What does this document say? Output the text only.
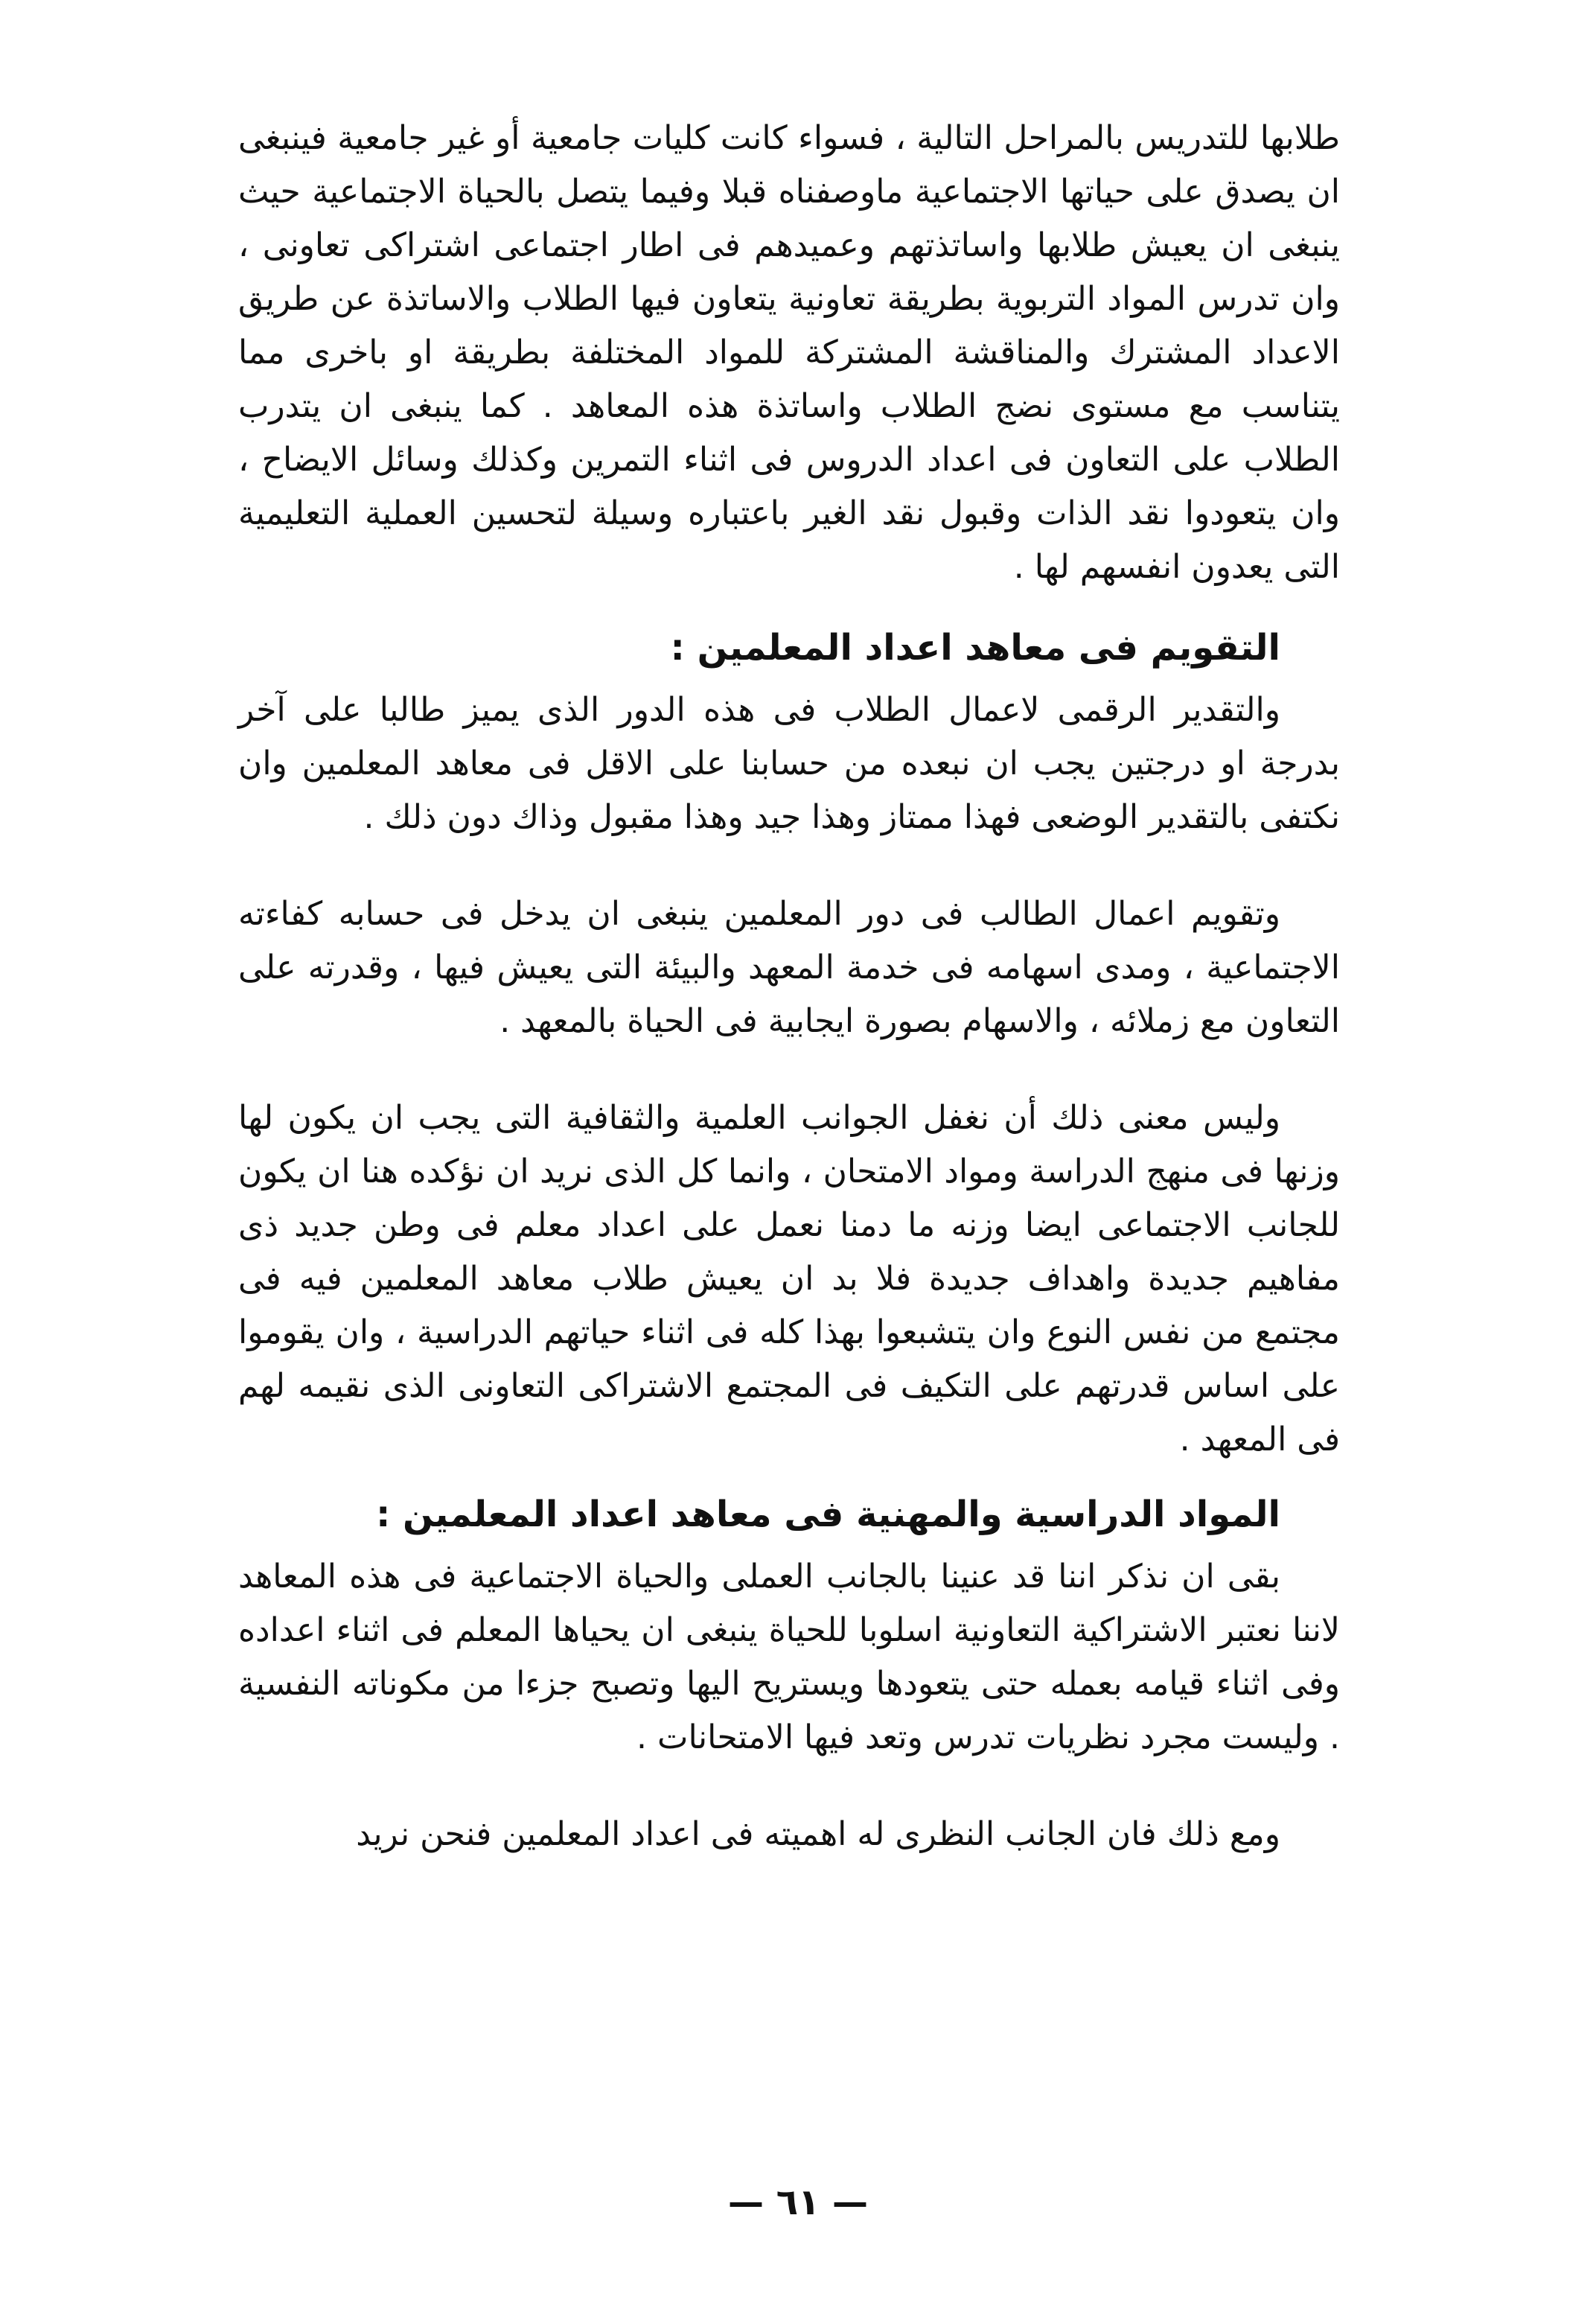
طلابها للتدريس بالمراحل التالية ، فسواء كانت كليات جامعية أو غير جامعية فينبغى ان يصدق على حياتها الاجتماعية ماوصفناه قبلا وفيما يتصل بالحياة الاجتماعية حيث ينبغى ان يعيش طلابها واساتذتهم وعميدهم فى اطار اجتماعى اشتراكى تعاونى ، وان تدرس المواد التربوية بطريقة تعاونية يتعاون فيها الطلاب والاساتذة عن طريق الاعداد المشترك والمناقشة المشتركة للمواد المختلفة بطريقة او باخرى مما يتناسب مع مستوى نضج الطلاب واساتذة هذه المعاهد . كما ينبغى ان يتدرب الطلاب على التعاون فى اعداد الدروس فى اثناء التمرين وكذلك وسائل الايضاح ، وان يتعودوا نقد الذات وقبول نقد الغير باعتباره وسيلة لتحسين العملية التعليمية التى يعدون انفسهم لها .

التقويم فى معاهد اعداد المعلمين :

والتقدير الرقمى لاعمال الطلاب فى هذه الدور الذى يميز طالبا على آخر بدرجة او درجتين يجب ان نبعده من حسابنا على الاقل فى معاهد المعلمين وان نكتفى بالتقدير الوضعى فهذا ممتاز وهذا جيد وهذا مقبول وذاك دون ذلك .

وتقويم اعمال الطالب فى دور المعلمين ينبغى ان يدخل فى حسابه كفاءته الاجتماعية ، ومدى اسهامه فى خدمة المعهد والبيئة التى يعيش فيها ، وقدرته على التعاون مع زملائه ، والاسهام بصورة ايجابية فى الحياة بالمعهد .

وليس معنى ذلك أن نغفل الجوانب العلمية والثقافية التى يجب ان يكون لها وزنها فى منهج الدراسة ومواد الامتحان ، وانما كل الذى نريد ان نؤكده هنا ان يكون للجانب الاجتماعى ايضا وزنه ما دمنا نعمل على اعداد معلم فى وطن جديد ذى مفاهيم جديدة واهداف جديدة فلا بد ان يعيش طلاب معاهد المعلمين فيه فى مجتمع من نفس النوع وان يتشبعوا بهذا كله فى اثناء حياتهم الدراسية ، وان يقوموا على اساس قدرتهم على التكيف فى المجتمع الاشتراكى التعاونى الذى نقيمه لهم فى المعهد .

المواد الدراسية والمهنية فى معاهد اعداد المعلمين :

بقى ان نذكر اننا قد عنينا بالجانب العملى والحياة الاجتماعية فى هذه المعاهد لاننا نعتبر الاشتراكية التعاونية اسلوبا للحياة ينبغى ان يحياها المعلم فى اثناء اعداده وفى اثناء قيامه بعمله حتى يتعودها ويستريح اليها وتصبح جزءا من مكوناته النفسية . وليست مجرد نظريات تدرس وتعد فيها الامتحانات .

ومع ذلك فان الجانب النظرى له اهميته فى اعداد المعلمين فنحن نريد

— ٦١ —
